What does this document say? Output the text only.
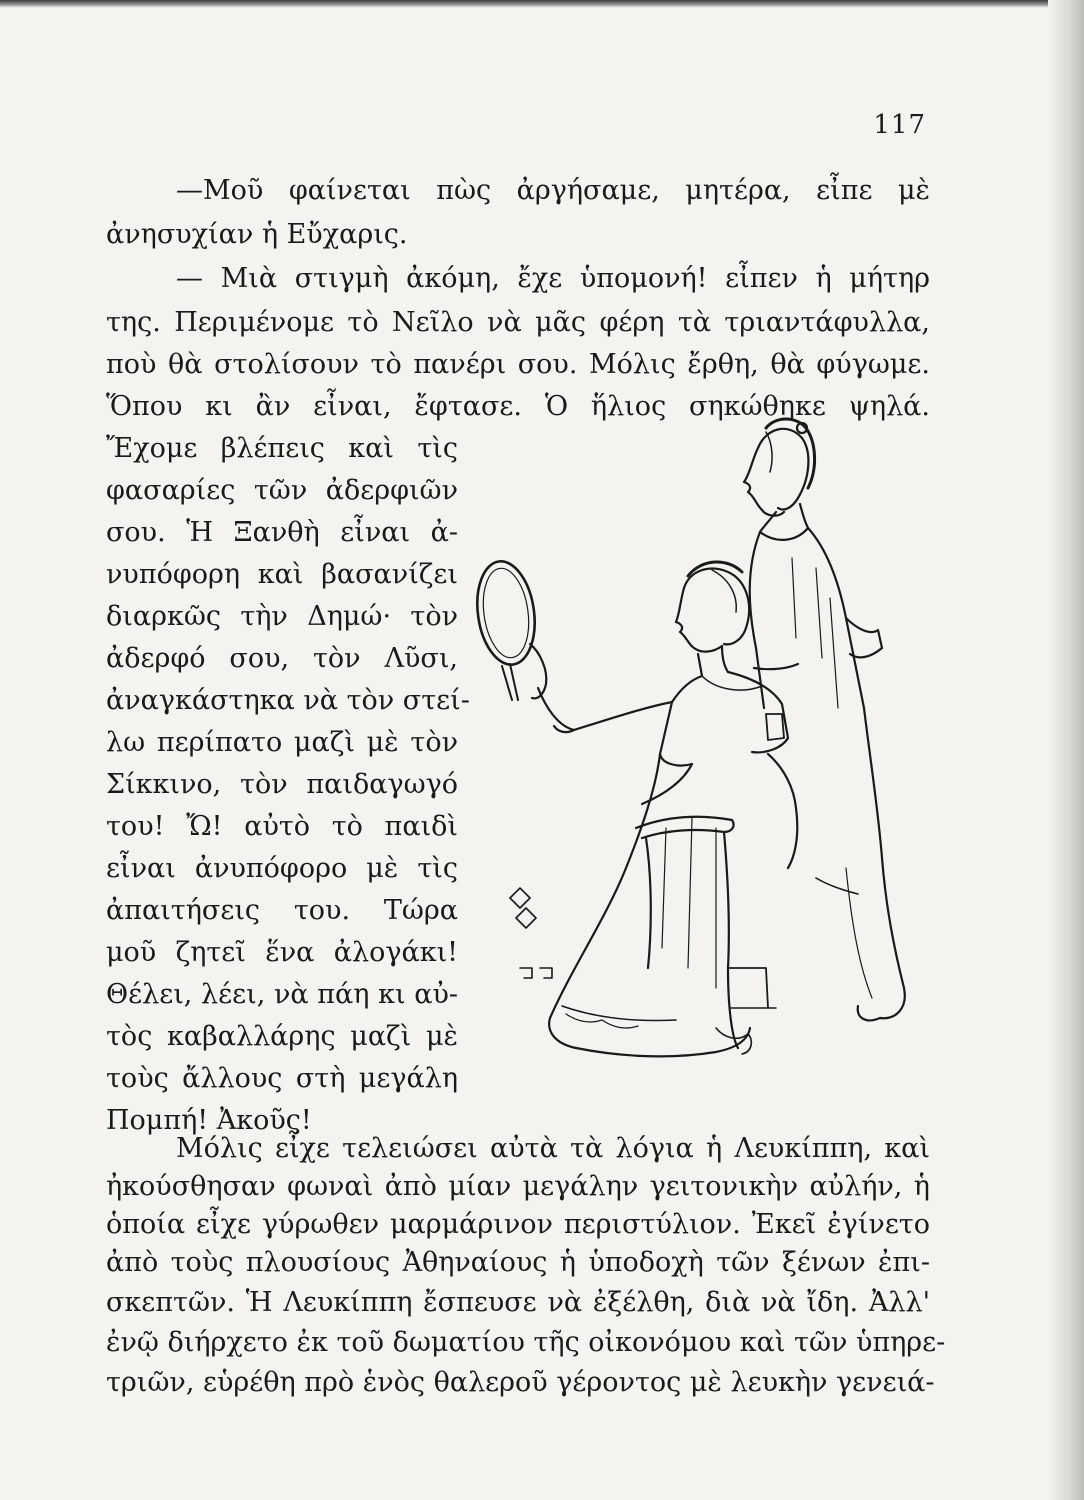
117
—Μοῦ φαίνεται πὼς ἀργήσαμε, μητέρα, εἶπε μὲ
ἀνησυχίαν ἡ Εὔχαρις.
— Μιὰ στιγμὴ ἀκόμη, ἔχε ὑπομονή! εἶπεν ἡ μήτηρ
της. Περιμένομε τὸ Νεῖλο νὰ μᾶς φέρη τὰ τριαντάφυλλα,
ποὺ θὰ στολίσουν τὸ πανέρι σου. Μόλις ἔρθη, θὰ φύγωμε.
Ὅπου κι ἂν εἶναι, ἔφτασε. Ὁ ἥλιος σηκώθηκε ψηλά.
Ἔχομε βλέπεις καὶ τὶς
φασαρίες τῶν ἀδερφιῶν
σου. Ἡ Ξανθὴ εἶναι ἀ-
νυπόφορη καὶ βασανίζει
διαρκῶς τὴν Δημώ· τὸν
ἀδερφό σου, τὸν Λῦσι,
ἀναγκάστηκα νὰ τὸν στεί-
λω περίπατο μαζὶ μὲ τὸν
Σίκκινο, τὸν παιδαγωγό
του! Ὤ! αὐτὸ τὸ παιδὶ
εἶναι ἀνυπόφορο μὲ τὶς
ἀπαιτήσεις του. Τώρα
μοῦ ζητεῖ ἕνα ἀλογάκι!
Θέλει, λέει, νὰ πάη κι αὐ-
τὸς καβαλλάρης μαζὶ μὲ
τοὺς ἄλλους στὴ μεγάλη
Πομπή! Ἀκοῦς!
Μόλις εἶχε τελειώσει αὐτὰ τὰ λόγια ἡ Λευκίππη, καὶ
ἠκούσθησαν φωναὶ ἀπὸ μίαν μεγάλην γειτονικὴν αὐλήν, ἡ
ὁποία εἶχε γύρωθεν μαρμάρινον περιστύλιον. Ἐκεῖ ἐγίνετο
ἀπὸ τοὺς πλουσίους Ἀθηναίους ἡ ὑποδοχὴ τῶν ξένων ἐπι-
σκεπτῶν. Ἡ Λευκίππη ἔσπευσε νὰ ἐξέλθη, διὰ νὰ ἴδη. Ἀλλ'
ἐνῷ διήρχετο ἐκ τοῦ δωματίου τῆς οἰκονόμου καὶ τῶν ὑπηρε-
τριῶν, εὑρέθη πρὸ ἑνὸς θαλεροῦ γέροντος μὲ λευκὴν γενειά-
